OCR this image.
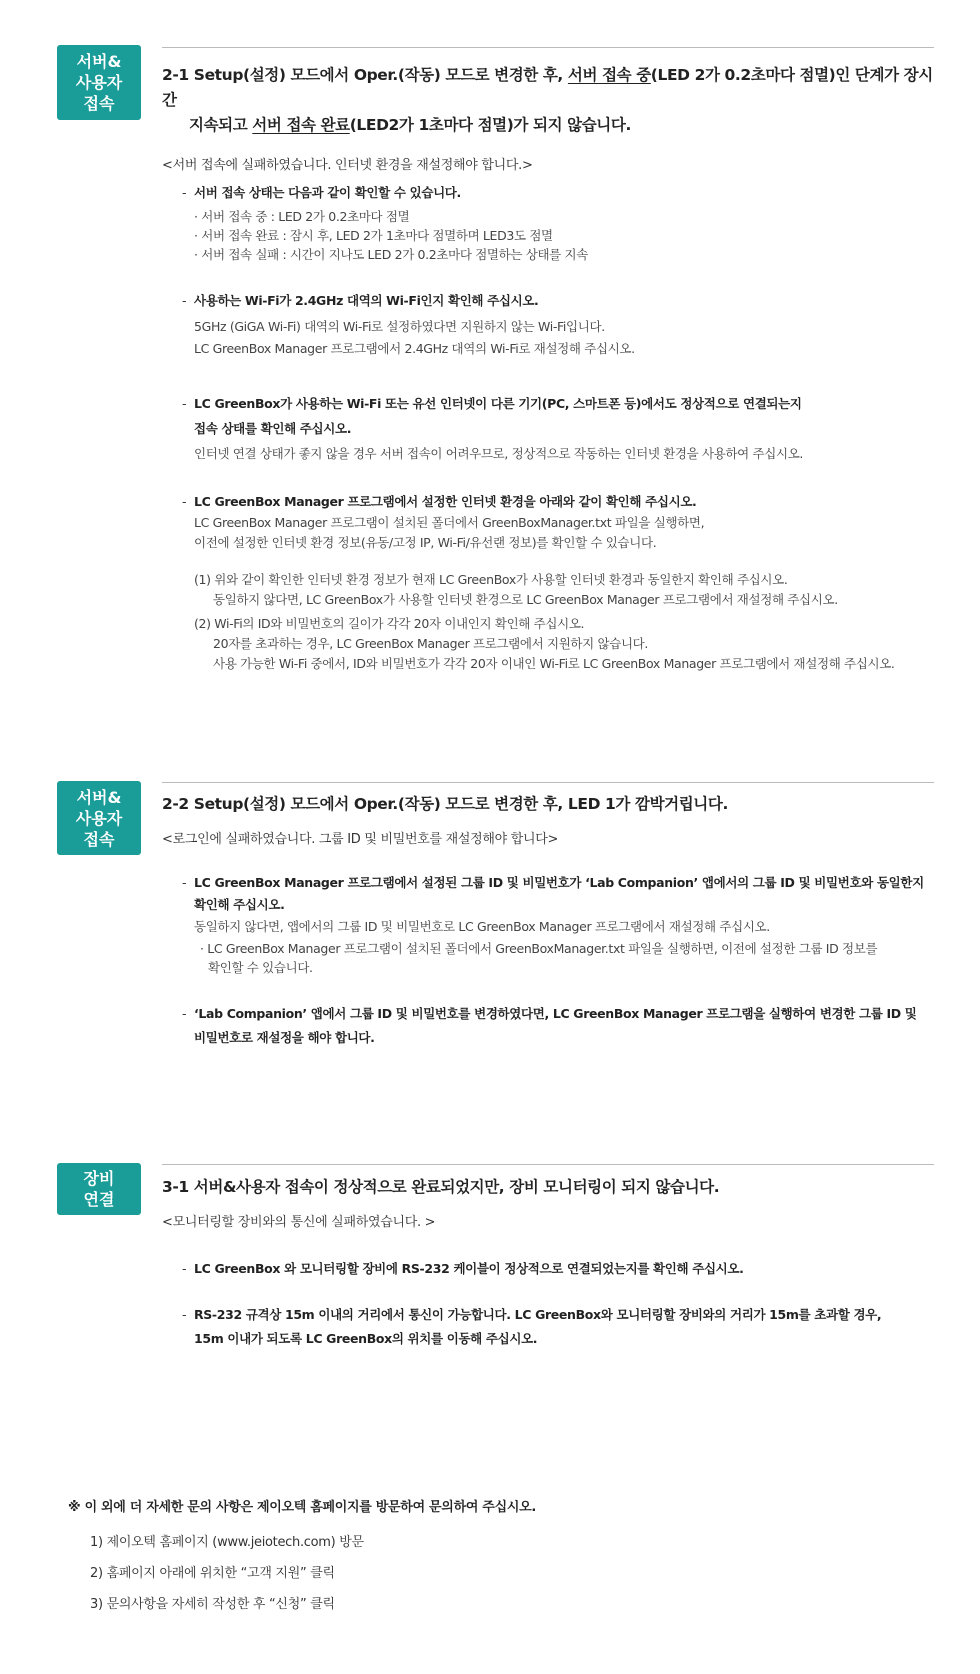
서버&
사용자
접속

2-1 Setup(설정) 모드에서 Oper.(작동) 모드로 변경한 후, 서버 접속 중(LED 2가 0.2초마다 점멸)인 단계가 장시간
지속되고 서버 접속 완료(LED2가 1초마다 점멸)가 되지 않습니다.

<서버 접속에 실패하였습니다. 인터넷 환경을 재설정해야 합니다.>
- 서버 접속 상태는 다음과 같이 확인할 수 있습니다.
· 서버 접속 중 : LED 2가 0.2초마다 점멸
· 서버 접속 완료 : 잠시 후, LED 2가 1초마다 점멸하며 LED3도 점멸
· 서버 접속 실패 : 시간이 지나도 LED 2가 0.2초마다 점멸하는 상태를 지속
- 사용하는 Wi-Fi가 2.4GHz 대역의 Wi-Fi인지 확인해 주십시오.
5GHz (GiGA Wi-Fi) 대역의 Wi-Fi로 설정하였다면 지원하지 않는 Wi-Fi입니다.
LC GreenBox Manager 프로그램에서 2.4GHz 대역의 Wi-Fi로 재설정해 주십시오.
- LC GreenBox가 사용하는 Wi-Fi 또는 유선 인터넷이 다른 기기(PC, 스마트폰 등)에서도 정상적으로 연결되는지
접속 상태를 확인해 주십시오.
인터넷 연결 상태가 좋지 않을 경우 서버 접속이 어려우므로, 정상적으로 작동하는 인터넷 환경을 사용하여 주십시오.
- LC GreenBox Manager 프로그램에서 설정한 인터넷 환경을 아래와 같이 확인해 주십시오.
LC GreenBox Manager 프로그램이 설치된 폴더에서 GreenBoxManager.txt 파일을 실행하면,
이전에 설정한 인터넷 환경 정보(유동/고정 IP, Wi-Fi/유선랜 정보)를 확인할 수 있습니다.
(1) 위와 같이 확인한 인터넷 환경 정보가 현재 LC GreenBox가 사용할 인터넷 환경과 동일한지 확인해 주십시오.
동일하지 않다면, LC GreenBox가 사용할 인터넷 환경으로 LC GreenBox Manager 프로그램에서 재설정해 주십시오.
(2) Wi-Fi의 ID와 비밀번호의 길이가 각각 20자 이내인지 확인해 주십시오.
20자를 초과하는 경우, LC GreenBox Manager 프로그램에서 지원하지 않습니다.
사용 가능한 Wi-Fi 중에서, ID와 비밀번호가 각각 20자 이내인 Wi-Fi로 LC GreenBox Manager 프로그램에서 재설정해 주십시오.
서버&
사용자
접속

2-2 Setup(설정) 모드에서 Oper.(작동) 모드로 변경한 후, LED 1가 깜박거립니다.

<로그인에 실패하였습니다. 그룹 ID 및 비밀번호를 재설정해야 합니다>
- LC GreenBox Manager 프로그램에서 설정된 그룹 ID 및 비밀번호가 ‘Lab Companion’ 앱에서의 그룹 ID 및 비밀번호와 동일한지
확인해 주십시오.
동일하지 않다면, 앱에서의 그룹 ID 및 비밀번호로 LC GreenBox Manager 프로그램에서 재설정해 주십시오.
· LC GreenBox Manager 프로그램이 설치된 폴더에서 GreenBoxManager.txt 파일을 실행하면, 이전에 설정한 그룹 ID 정보를
확인할 수 있습니다.
- ‘Lab Companion’ 앱에서 그룹 ID 및 비밀번호를 변경하였다면, LC GreenBox Manager 프로그램을 실행하여 변경한 그룹 ID 및
비밀번호로 재설정을 해야 합니다.
장비
연결

3-1 서버&사용자 접속이 정상적으로 완료되었지만, 장비 모니터링이 되지 않습니다.

<모니터링할 장비와의 통신에 실패하였습니다. >
- LC GreenBox 와 모니터링할 장비에 RS-232 케이블이 정상적으로 연결되었는지를 확인해 주십시오.
- RS-232 규격상 15m 이내의 거리에서 통신이 가능합니다. LC GreenBox와 모니터링할 장비와의 거리가 15m를 초과할 경우,
15m 이내가 되도록 LC GreenBox의 위치를 이동해 주십시오.
※ 이 외에 더 자세한 문의 사항은 제이오텍 홈페이지를 방문하여 문의하여 주십시오.
1) 제이오텍 홈페이지 (www.jeiotech.com) 방문
2) 홈페이지 아래에 위치한 “고객 지원” 클릭
3) 문의사항을 자세히 작성한 후 “신청” 클릭
